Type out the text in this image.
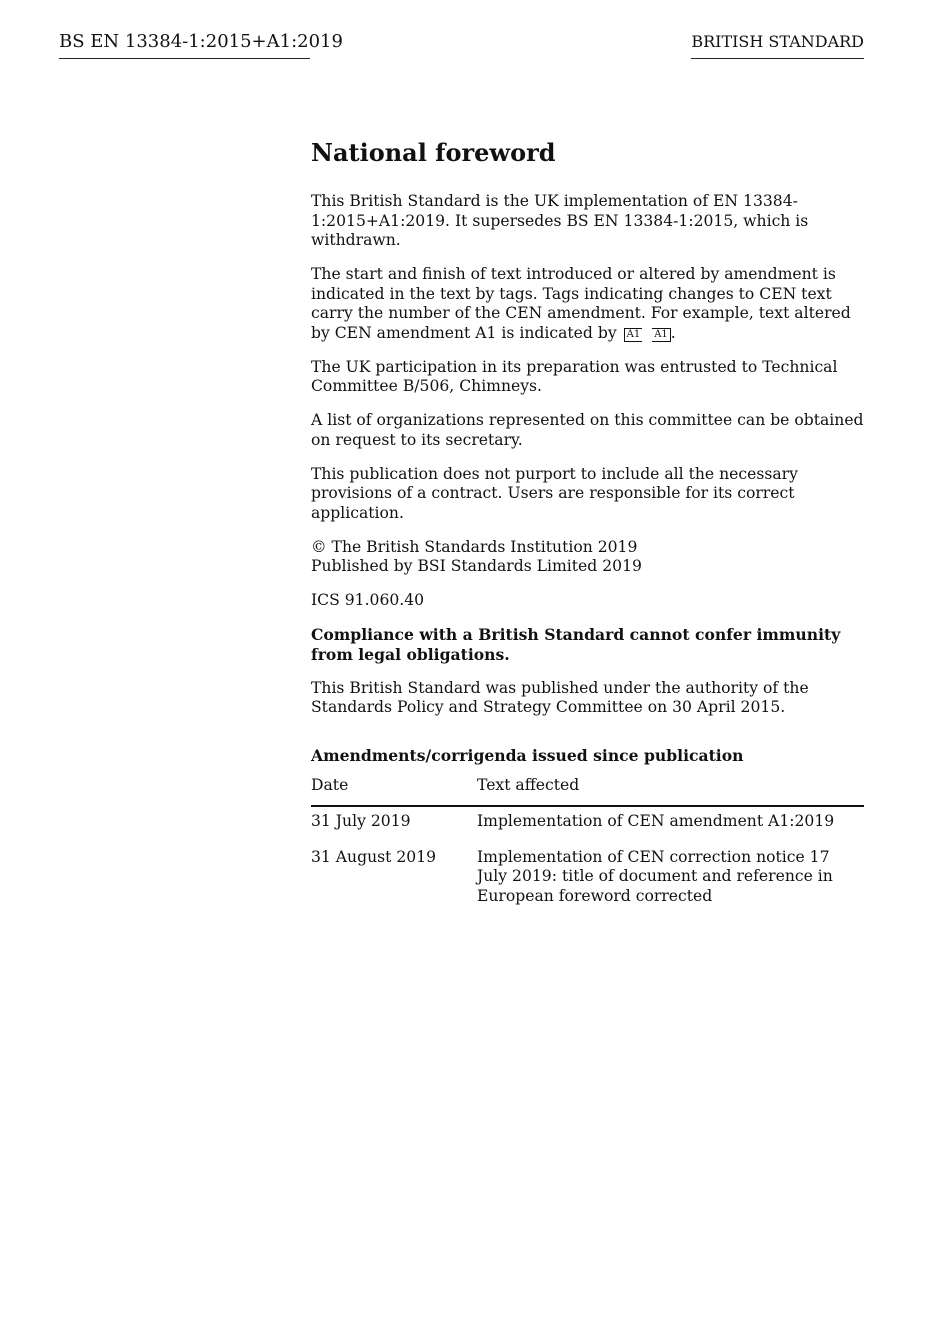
BS EN 13384-1:2015+A1:2019	BRITISH STANDARD
National foreword

This British Standard is the UK implementation of EN 13384-1:2015+A1:2019. It supersedes BS EN 13384-1:2015, which is withdrawn.

The start and finish of text introduced or altered by amendment is indicated in the text by tags. Tags indicating changes to CEN text carry the number of the CEN amendment. For example, text altered by CEN amendment A1 is indicated by A1 A1 .

The UK participation in its preparation was entrusted to Technical Committee B/506, Chimneys.

A list of organizations represented on this committee can be obtained on request to its secretary.

This publication does not purport to include all the necessary provisions of a contract. Users are responsible for its correct application.

© The British Standards Institution 2019
Published by BSI Standards Limited 2019

ICS 91.060.40

Compliance with a British Standard cannot confer immunity from legal obligations.

This British Standard was published under the authority of the Standards Policy and Strategy Committee on 30 April 2015.

Amendments/corrigenda issued since publication
Date	Text affected
31 July 2019	Implementation of CEN amendment A1:2019
31 August 2019	Implementation of CEN correction notice 17 July 2019: title of document and reference in European foreword corrected
